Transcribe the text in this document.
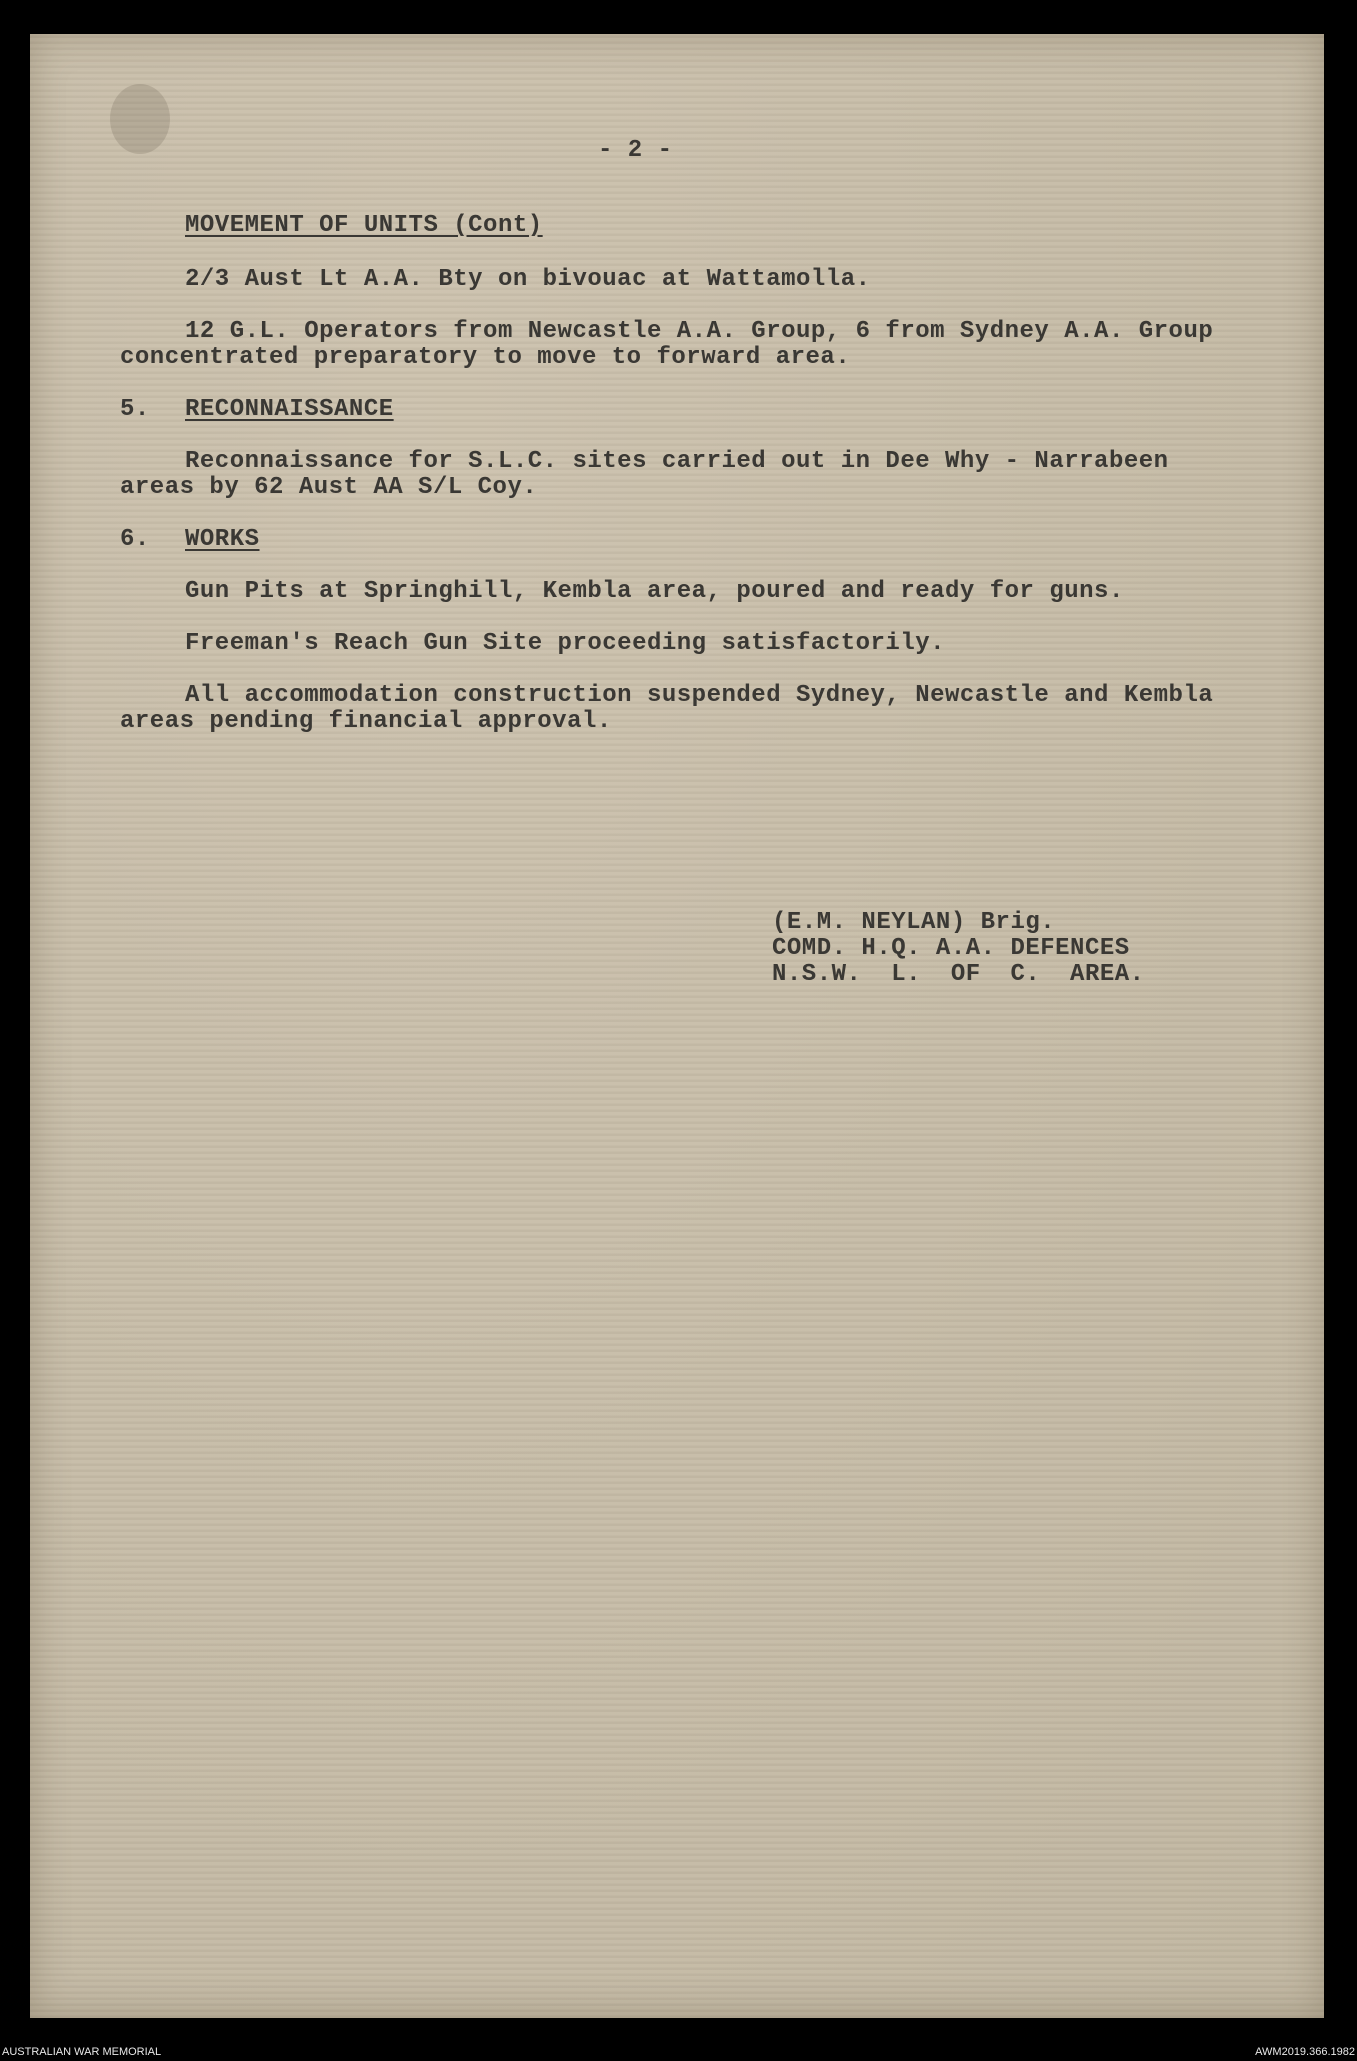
- 2 -
MOVEMENT OF UNITS (Cont)
2/3 Aust Lt A.A. Bty on bivouac at Wattamolla.
12 G.L. Operators from Newcastle A.A. Group, 6 from Sydney A.A. Group
concentrated preparatory to move to forward area.
5. RECONNAISSANCE
Reconnaissance for S.L.C. sites carried out in Dee Why - Narrabeen
areas by 62 Aust AA S/L Coy.
6. WORKS
Gun Pits at Springhill, Kembla area, poured and ready for guns.
Freeman's Reach Gun Site proceeding satisfactorily.
All accommodation construction suspended Sydney, Newcastle and Kembla
areas pending financial approval.
(E.M. NEYLAN) Brig.
COMD. H.Q. A.A. DEFENCES
N.S.W.  L.  OF  C.  AREA.
AUSTRALIAN WAR MEMORIAL	AWM2019.366.1982
